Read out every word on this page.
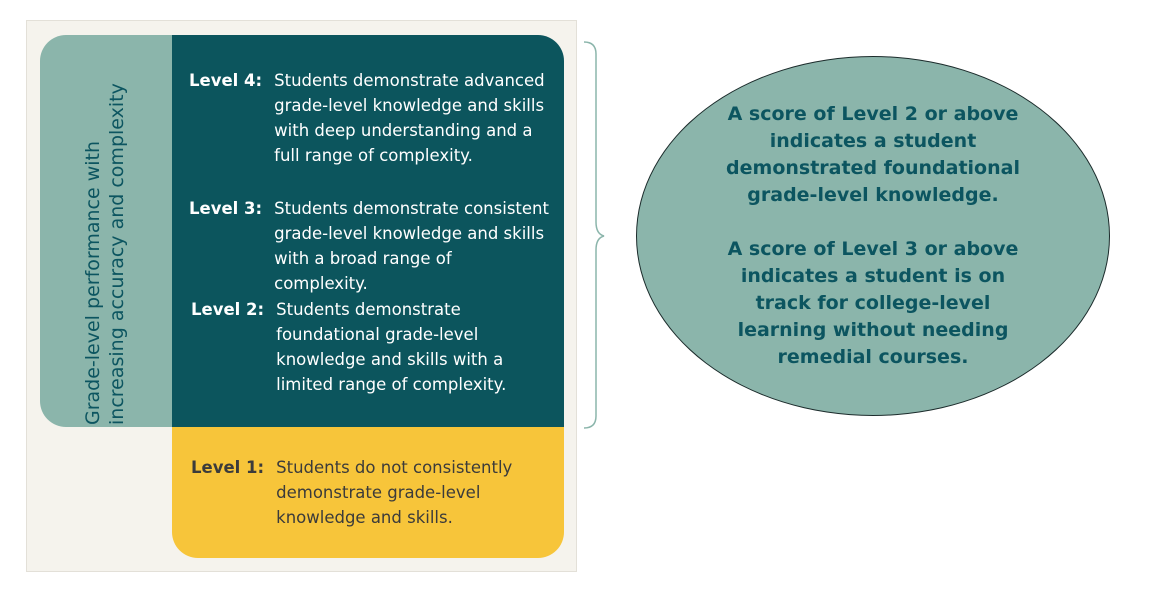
Grade-level performance with increasing accuracy and complexity
Level 4: Students demonstrate advanced grade-level knowledge and skills with deep understanding and a full range of complexity.
Level 3: Students demonstrate consistent grade-level knowledge and skills with a broad range of complexity.
Level 2: Students demonstrate foundational grade-level knowledge and skills with a limited range of complexity.
Level 1: Students do not consistently demonstrate grade-level knowledge and skills.
A score of Level 2 or above indicates a student demonstrated foundational grade-level knowledge.
A score of Level 3 or above indicates a student is on track for college-level learning without needing remedial courses.
